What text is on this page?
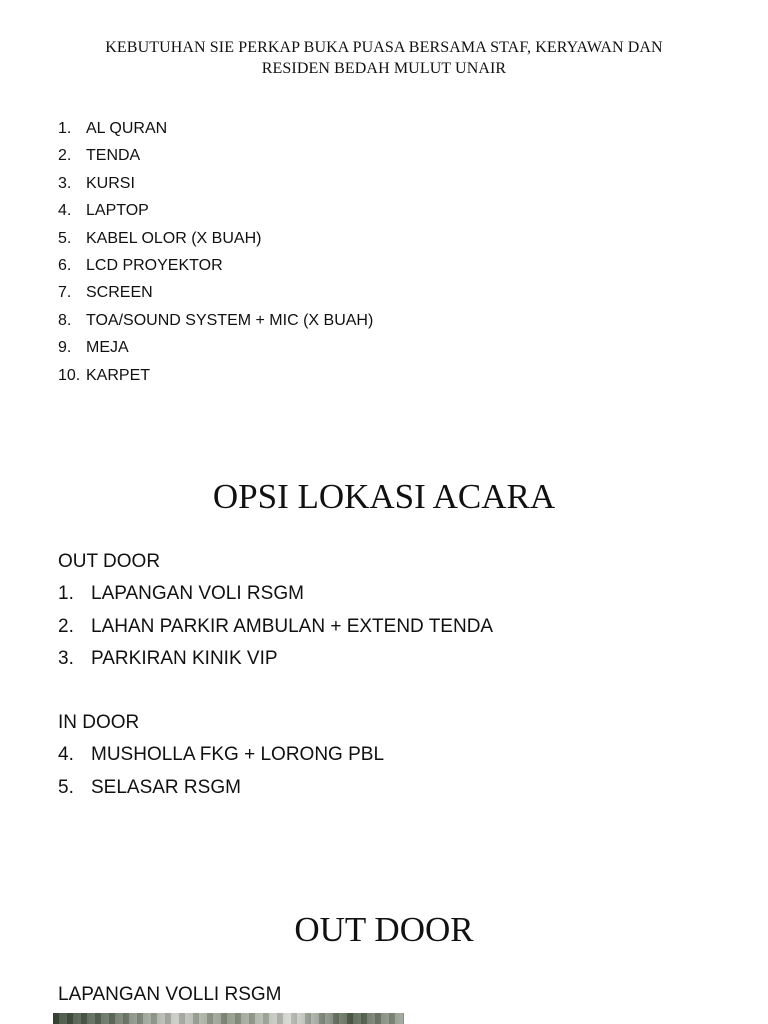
KEBUTUHAN SIE PERKAP BUKA PUASA BERSAMA STAF, KERYAWAN DAN
RESIDEN BEDAH MULUT UNAIR
1. AL QURAN
2. TENDA
3. KURSI
4. LAPTOP
5. KABEL OLOR (X BUAH)
6. LCD PROYEKTOR
7. SCREEN
8. TOA/SOUND SYSTEM + MIC (X BUAH)
9. MEJA
10. KARPET
OPSI LOKASI ACARA
OUT DOOR
1. LAPANGAN VOLI RSGM
2. LAHAN PARKIR AMBULAN + EXTEND TENDA
3. PARKIRAN KINIK VIP
IN DOOR
4. MUSHOLLA FKG + LORONG PBL
5. SELASAR RSGM
OUT DOOR
LAPANGAN VOLLI RSGM
